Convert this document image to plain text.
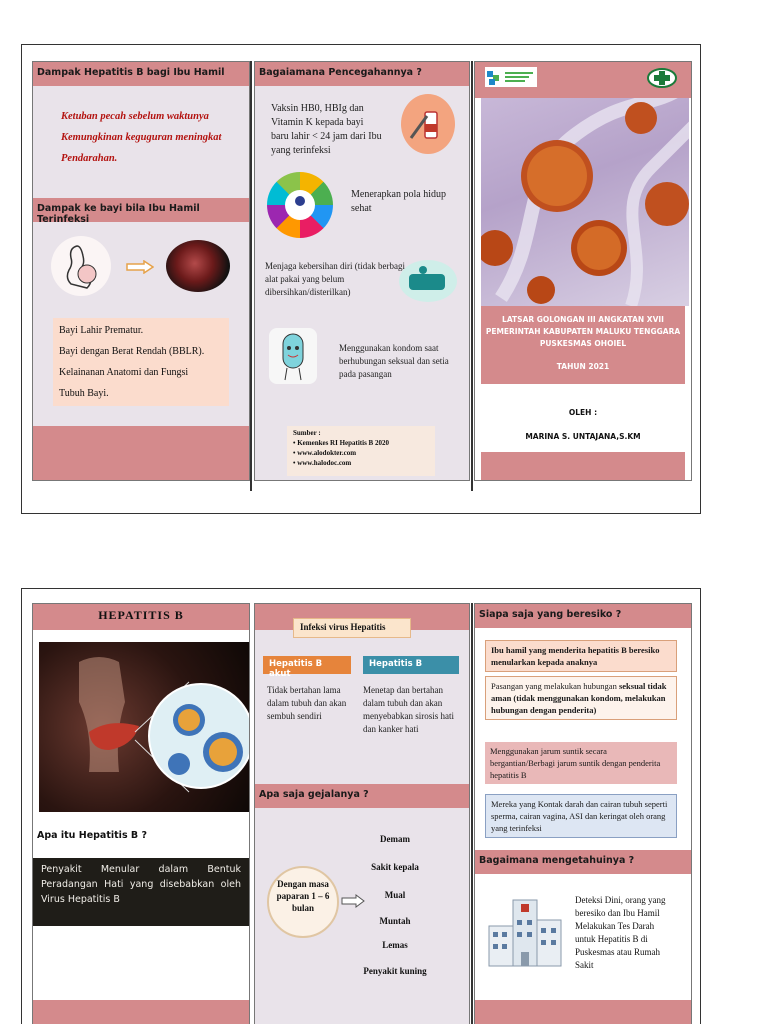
Dampak Hepatitis B bagi Ibu Hamil
Ketuban pecah sebelum waktunya
Kemungkinan keguguran meningkat
Pendarahan.
Dampak ke bayi bila Ibu Hamil Terinfeksi
Bayi Lahir Prematur.
Bayi dengan Berat Rendah (BBLR).
Kelainanan Anatomi dan Fungsi
Tubuh Bayi.
Bagaiamana Pencegahannya ?
Vaksin HB0, HBIg dan Vitamin K kepada bayi baru lahir < 24 jam dari Ibu yang terinfeksi
Menerapkan pola hidup sehat
Menjaga kebersihan diri (tidak berbagi alat pakai yang belum dibersihkan/disterilkan)
Menggunakan kondom saat berhubungan seksual dan setia pada pasangan
Sumber :
• Kemenkes RI Hepatitis B 2020
• www.alodokter.com
• www.halodoc.com
LATSAR GOLONGAN III ANGKATAN XVII
PEMERINTAH KABUPATEN MALUKU TENGGARA
PUSKESMAS OHOIEL
TAHUN 2021
OLEH :
MARINA S. UNTAJANA,S.KM
HEPATITIS B
Apa itu Hepatitis B ?
Penyakit Menular dalam Bentuk Peradangan Hati yang disebabkan oleh Virus Hepatitis B
Infeksi virus Hepatitis
Hepatitis B akut
Hepatitis B
Tidak bertahan lama dalam tubuh dan akan sembuh sendiri
Menetap dan bertahan dalam tubuh dan akan menyebabkan sirosis hati dan kanker hati
Apa saja gejalanya ?
Dengan masa paparan 1 – 6 bulan
Demam
Sakit kepala
Mual
Muntah
Lemas
Penyakit kuning
Siapa saja yang beresiko ?
Ibu hamil yang menderita hepatitis B beresiko menularkan kepada anaknya
Pasangan yang melakukan hubungan seksual tidak aman (tidak menggunakan kondom, melakukan hubungan dengan penderita)
Menggunakan jarum suntik secara bergantian/Berbagi jarum suntik dengan penderita hepatitis B
Mereka yang Kontak darah dan cairan tubuh seperti sperma, cairan vagina, ASI dan keringat oleh orang yang terinfeksi
Bagaimana mengetahuinya ?
Deteksi Dini, orang yang beresiko dan Ibu Hamil Melakukan Tes Darah untuk Hepatitis B di Puskesmas atau Rumah Sakit
